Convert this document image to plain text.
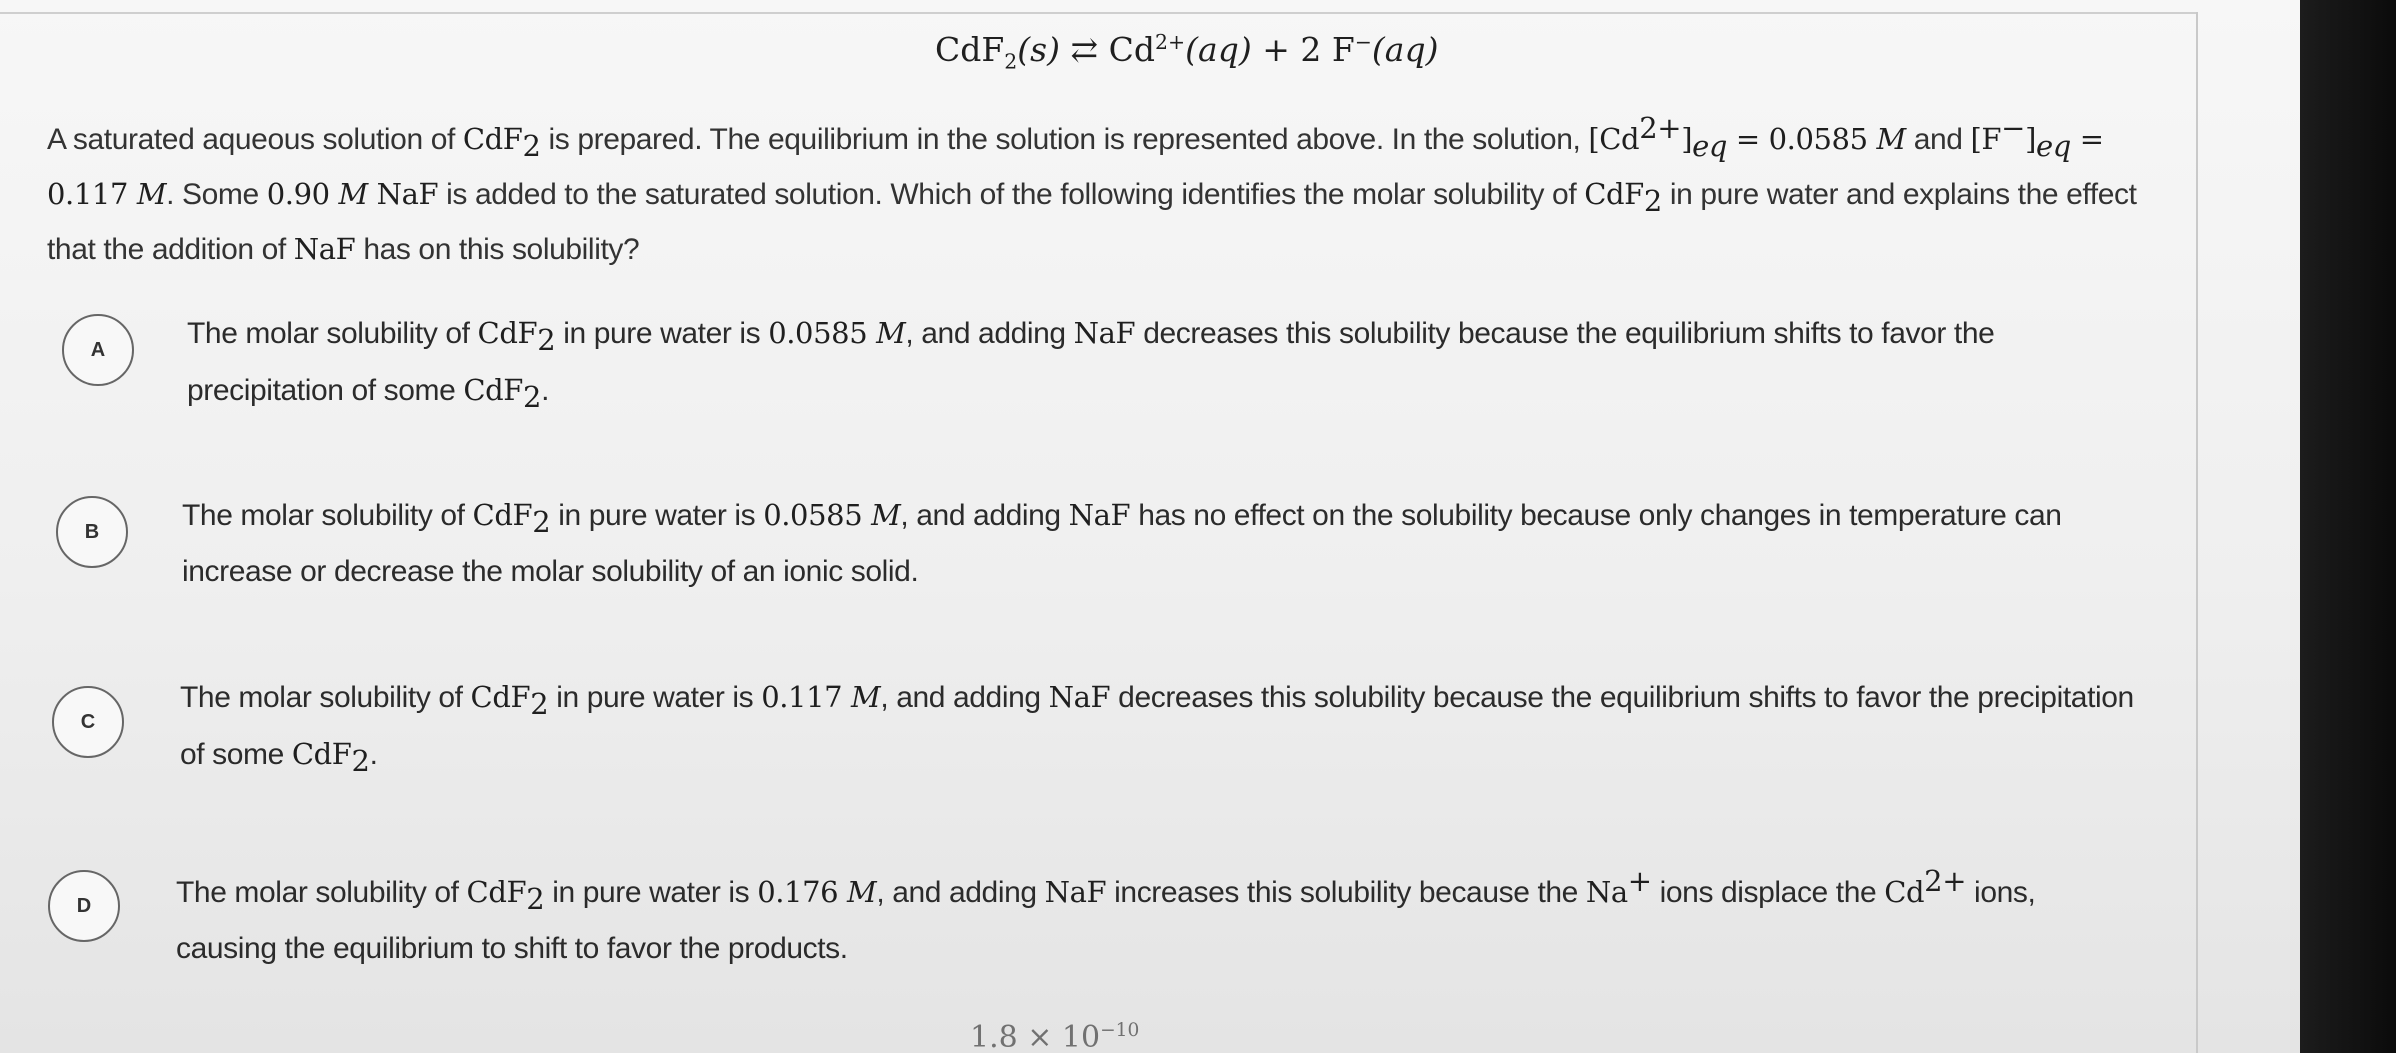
CdF$_2$(s) ⇄ $Cd^{2+}(aq) + 2$ F−(aq)
A saturated aqueous solution of CdF$_2$ is prepared. The equilibrium in the solution is represented above. In the solution, $[Cd^{2+}]_{eq} = 0.0585$ M and $[F^-]_{eq} = 0.117$ M. Some 0.90 M NaF is added to the saturated solution. Which of the following identifies the molar solubility of CdF$_2$ in pure water and explains the effect that the addition of NaF has on this solubility?
A	The molar solubility of CdF$_2$ in pure water is 0.0585 M, and adding NaF decreases this solubility because the equilibrium shifts to favor the precipitation of some CdF$_2$.
B	The molar solubility of CdF$_2$ in pure water is 0.0585 M, and adding NaF has no effect on the solubility because only changes in temperature can increase or decrease the molar solubility of an ionic solid.
C
The molar solubility of CdF$_2$ in pure water is 0.117 M, and adding NaF decreases this solubility because the equilibrium shifts to favor the precipitation of some CdF$_2$.
D	The molar solubility of CdF$_2$ in pure water is 0.176 M, and adding NaF increases this solubility because the Na+ ions displace the $Cd^{2+}$ ions, causing the equilibrium to shift to favor the products.
$1.8 \times 10^{-10}$
